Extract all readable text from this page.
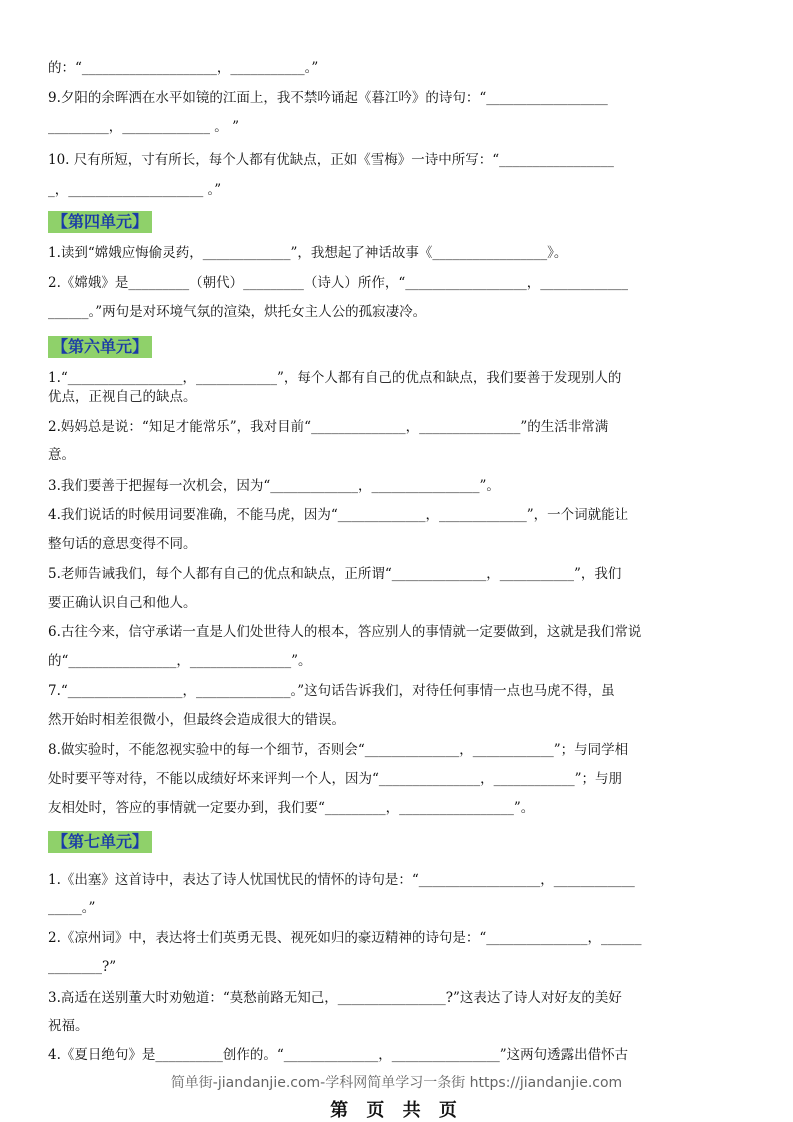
的：“____________________，___________。”
9.夕阳的余晖洒在水平如镜的江面上，我不禁吟诵起《暮江吟》的诗句：“__________________
_________，_____________ 。 ”
10. 尺有所短，寸有所长，每个人都有优缺点，正如《雪梅》一诗中所写：“_________________
_，____________________ 。”
【第四单元】
1.读到“嫦娥应悔偷灵药，_____________”，我想起了神话故事《_________________》。
2.《嫦娥》是_________（朝代）_________（诗人）所作，“__________________，_____________
______。”两句是对环境气氛的渲染，烘托女主人公的孤寂凄冷。
【第六单元】
1.“_________________，____________”，每个人都有自己的优点和缺点，我们要善于发现别人的
优点，正视自己的缺点。
2.妈妈总是说：“知足才能常乐”，我对目前“______________，_______________”的生活非常满
意。
3.我们要善于把握每一次机会，因为“_____________，________________”。
4.我们说话的时候用词要准确，不能马虎，因为“_____________，_____________”，一个词就能让
整句话的意思变得不同。
5.老师告诫我们，每个人都有自己的优点和缺点，正所谓“______________，___________”，我们
要正确认识自己和他人。
6.古往今来，信守承诺一直是人们处世待人的根本，答应别人的事情就一定要做到，这就是我们常说
的“________________，_______________”。
7.“_________________，______________。”这句话告诉我们，对待任何事情一点也马虎不得，虽
然开始时相差很微小，但最终会造成很大的错误。
8.做实验时，不能忽视实验中的每一个细节，否则会“______________，____________”；与同学相
处时要平等对待，不能以成绩好坏来评判一个人，因为“_______________，____________”；与朋
友相处时，答应的事情就一定要办到，我们要“_________，_________________”。
【第七单元】
1.《出塞》这首诗中，表达了诗人忧国忧民的情怀的诗句是：“__________________，____________
_____。”
2.《凉州词》中，表达将士们英勇无畏、视死如归的豪迈精神的诗句是：“_______________，______
________?”
3.高适在送别董大时劝勉道：“莫愁前路无知己，________________?”这表达了诗人对好友的美好
祝福。
4.《夏日绝句》是__________创作的。“______________，________________”这两句透露出借怀古
简单街-jiandanjie.com-学科网简单学习一条街 https://jiandanjie.com
第 页 共 页
